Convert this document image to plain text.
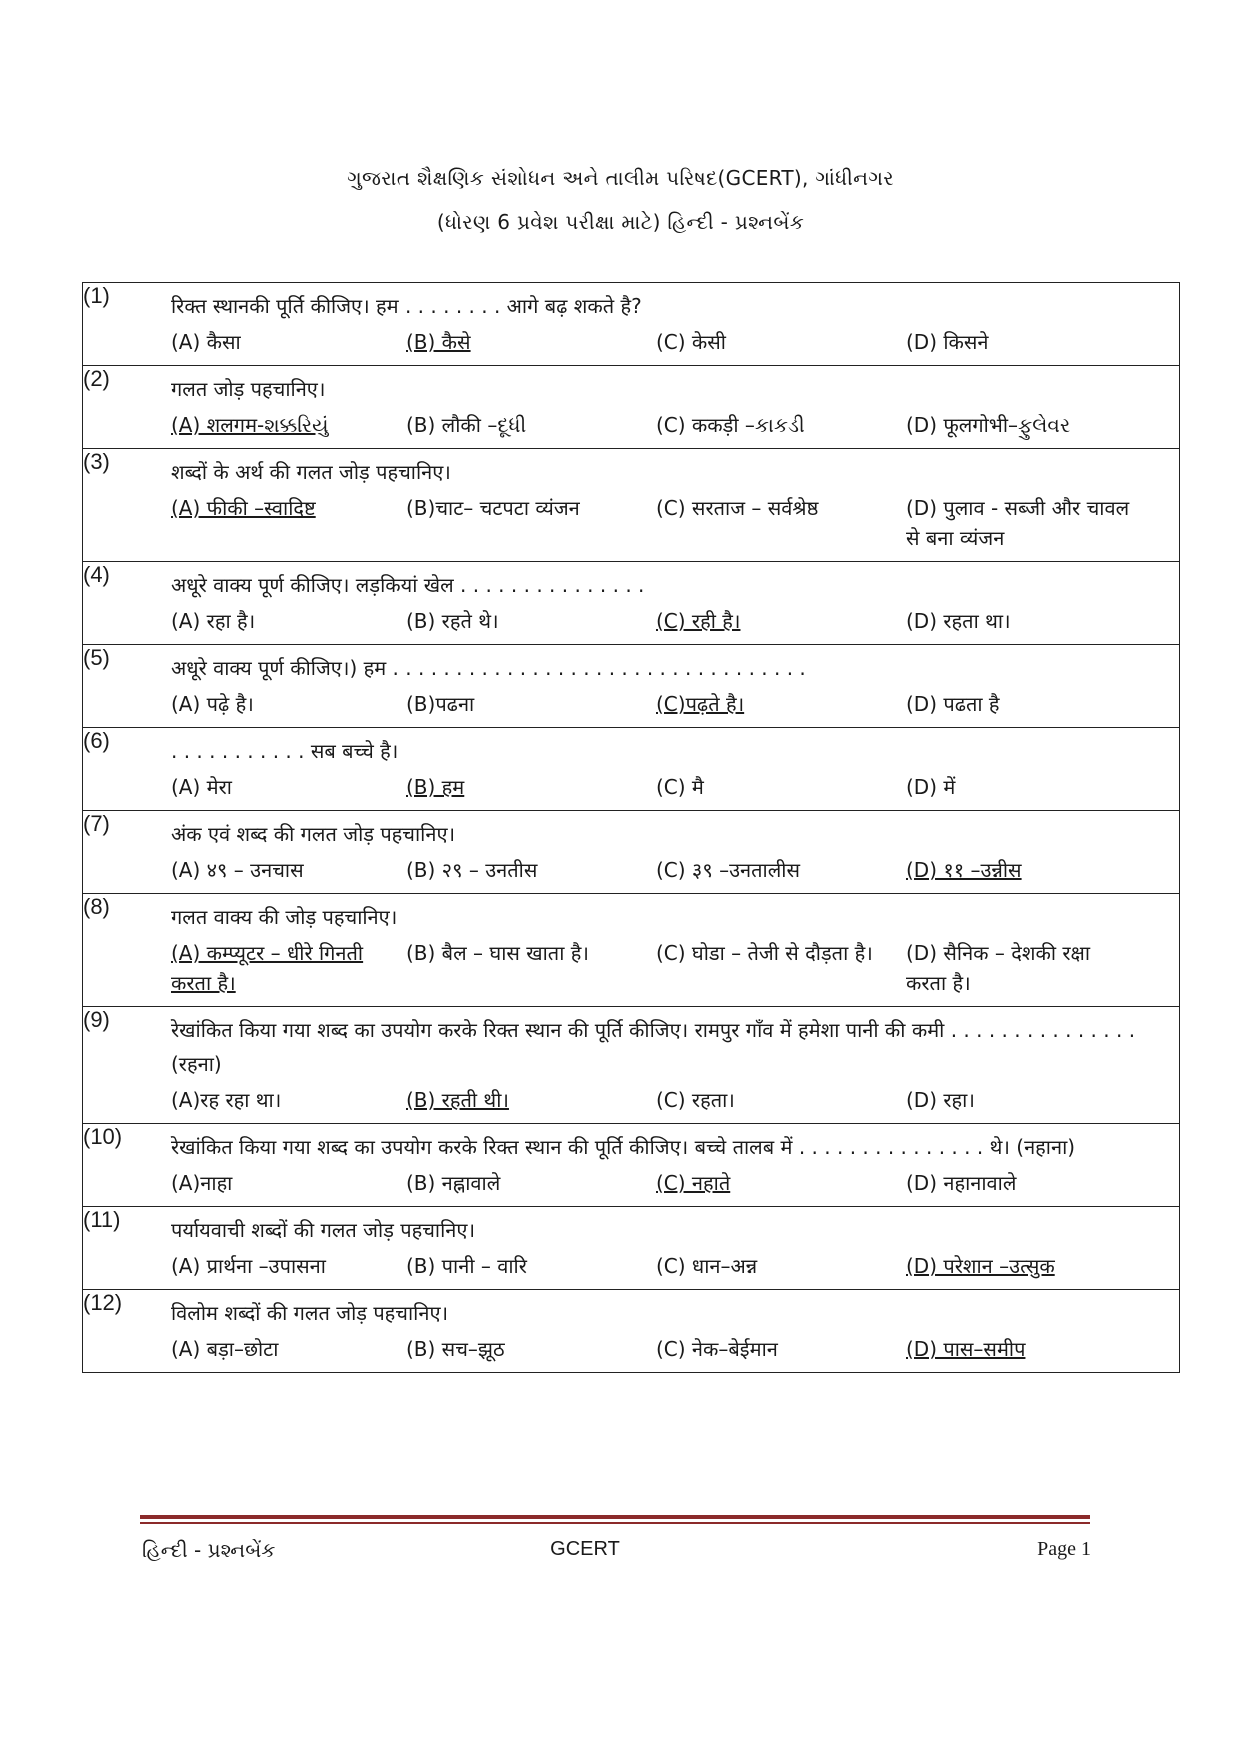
ગુજરાત શૈક્ષણિક સંશોધન અને તાલીમ પરિષદ(GCERT), ગાંધીનગર
(ધોરણ 6 પ્રવેશ પરીક્ષા માટે) હિન્દી - પ્રશ્નબેંક
(1)	रिक्त स्थानकी पूर्ति कीजिए। हम . . . . . . . . आगे बढ़ शकते है?
(A) कैसा (B) कैसे (C) केसी (D) किसने

(2)	गलत जोड़ पहचानिए।
(A) शलगम-શક્કરિયું (B) लौकी –દૂધી (C) ककड़ी –કાકડી (D) फूलगोभी–ફુલેવર

(3)	शब्दों के अर्थ की गलत जोड़ पहचानिए।
(A) फीकी –स्वादिष्ट (B)चाट– चटपटा व्यंजन (C) सरताज – सर्वश्रेष्ठ (D) पुलाव - सब्जी और चावल से बना व्यंजन

(4)	अधूरे वाक्य पूर्ण कीजिए। लड़कियां खेल . . . . . . . . . . . . . . .
(A) रहा है। (B) रहते थे। (C) रही है। (D) रहता था।

(5)	अधूरे वाक्य पूर्ण कीजिए।) हम . . . . . . . . . . . . . . . . . . . . . . . . . . . . . . . . .
(A) पढ़े है। (B)पढना (C)पढ़ते है। (D) पढता है

(6)	. . . . . . . . . . . सब बच्चे है।
(A) मेरा (B) हम (C) मै (D) में

(7)	अंक एवं शब्द की गलत जोड़ पहचानिए।
(A) ४९ – उनचास (B) २९ – उनतीस (C) ३९ –उनतालीस (D) ११ –उन्नीस

(8)	गलत वाक्य की जोड़ पहचानिए।
(A) कम्प्यूटर – धीरे गिनती करता है।
(B) बैल – घास खाता है। (C) घोडा – तेजी से दौड़ता है। (D) सैनिक – देशकी रक्षा करता है।

(9)	रेखांकित किया गया शब्द का उपयोग करके रिक्त स्थान की पूर्ति कीजिए। रामपुर गाँव में हमेशा पानी की कमी . . . . . . . . . . . . . . . (रहना)
(A)रह रहा था। (B) रहती थी। (C) रहता। (D) रहा।

(10)	रेखांकित किया गया शब्द का उपयोग करके रिक्त स्थान की पूर्ति कीजिए। बच्चे तालब में . . . . . . . . . . . . . . . थे। (नहाना)
(A)नाहा (B) नह्नावाले (C) नहाते (D) नहानावाले

(11)	पर्यायवाची शब्दों की गलत जोड़ पहचानिए।
(A) प्रार्थना –उपासना (B) पानी – वारि (C) धान–अन्न (D) परेशान –उत्सुक

(12)	विलोम शब्दों की गलत जोड़ पहचानिए।
(A) बड़ा–छोटा (B) सच–झूठ (C) नेक–बेईमान (D) पास–समीप
હિન્દી - પ્રશ્નબેંક	GCERT	Page 1
